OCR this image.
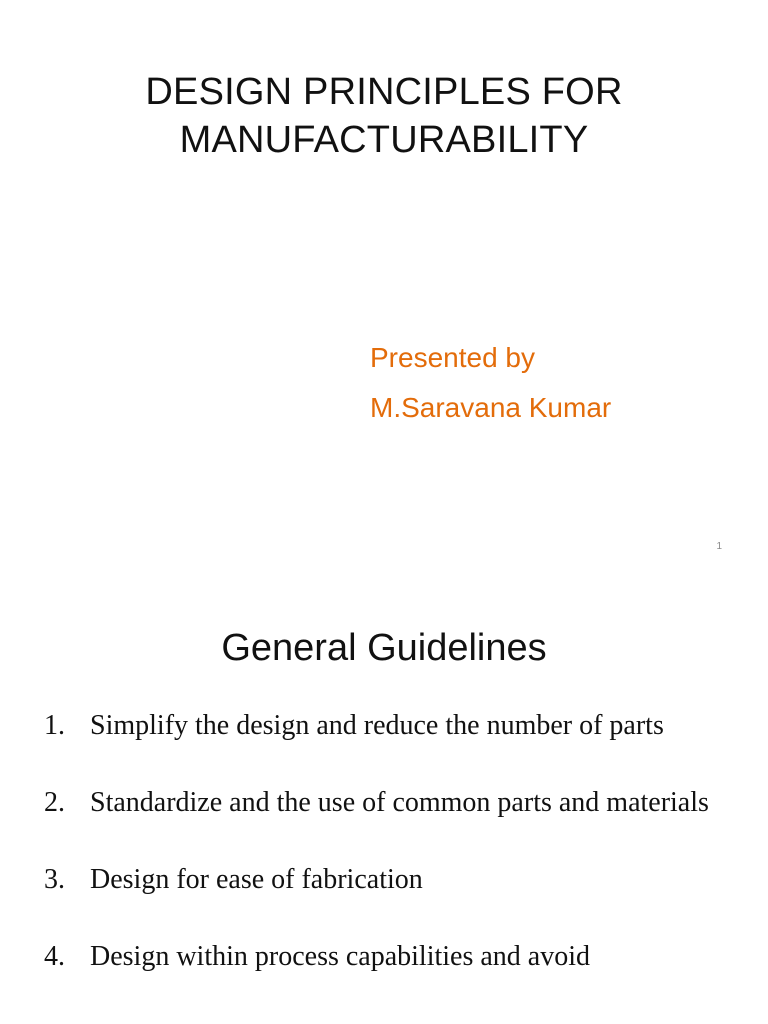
DESIGN PRINCIPLES FOR
MANUFACTURABILITY
Presented by
M.Saravana Kumar
1
General Guidelines
1. Simplify the design and reduce the number of parts
2. Standardize and the use of common parts and materials
3. Design for ease of fabrication
4. Design within process capabilities and avoid
